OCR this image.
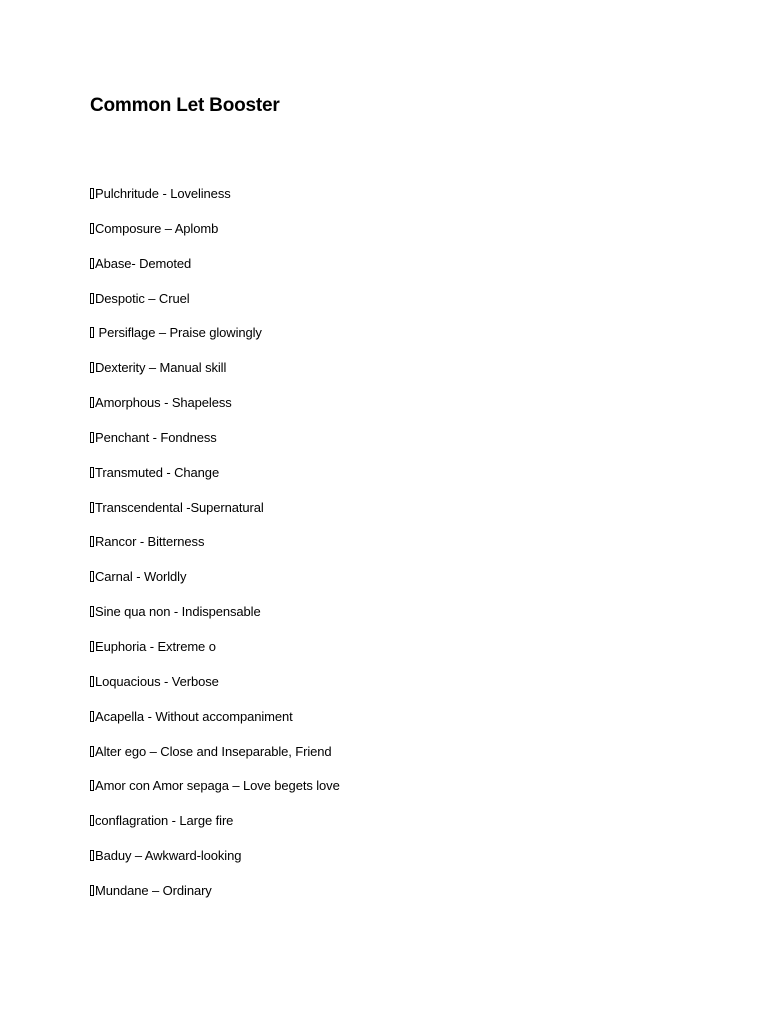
Common Let Booster
Pulchritude - Loveliness
Composure – Aplomb
Abase- Demoted
Despotic – Cruel
Persiflage – Praise glowingly
Dexterity – Manual skill
Amorphous - Shapeless
Penchant - Fondness
Transmuted - Change
Transcendental -Supernatural
Rancor - Bitterness
Carnal - Worldly
Sine qua non - Indispensable
Euphoria - Extreme o
Loquacious - Verbose
Acapella - Without accompaniment
Alter ego – Close and Inseparable, Friend
Amor con Amor sepaga – Love begets love
conflagration - Large fire
Baduy – Awkward-looking
Mundane – Ordinary
